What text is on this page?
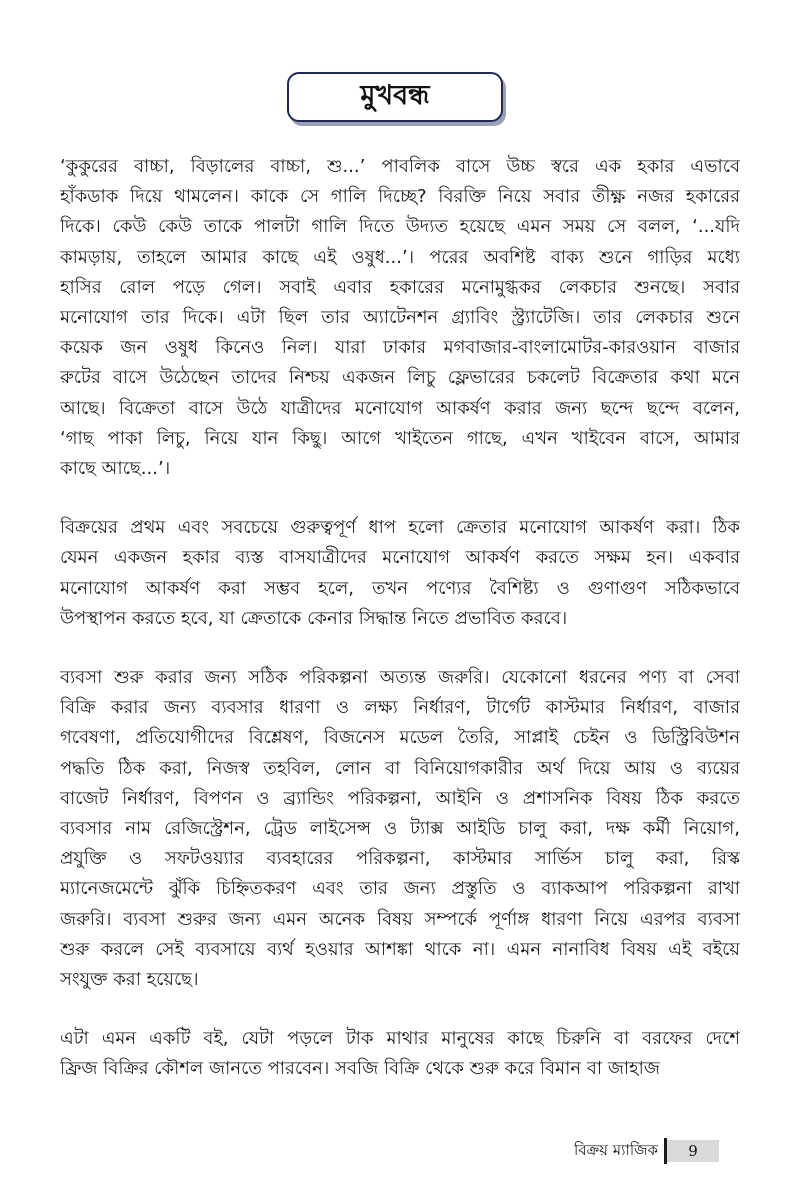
মুখবন্ধ
‘কুকুরের বাচ্চা, বিড়ালের বাচ্চা, শু...’ পাবলিক বাসে উচ্চ স্বরে এক হকার এভাবে
হাঁকডাক দিয়ে থামলেন। কাকে সে গালি দিচ্ছে? বিরক্তি নিয়ে সবার তীক্ষ্ণ নজর হকারের
দিকে। কেউ কেউ তাকে পালটা গালি দিতে উদ্যত হয়েছে এমন সময় সে বলল, ‘...যদি
কামড়ায়, তাহলে আমার কাছে এই ওষুধ...’। পরের অবশিষ্ট বাক্য শুনে গাড়ির মধ্যে
হাসির রোল পড়ে গেল। সবাই এবার হকারের মনোমুগ্ধকর লেকচার শুনছে। সবার
মনোযোগ তার দিকে। এটা ছিল তার অ্যাটেনশন গ্র্যাবিং স্ট্র্যাটেজি। তার লেকচার শুনে
কয়েক জন ওষুধ কিনেও নিল। যারা ঢাকার মগবাজার-বাংলামোটর-কারওয়ান বাজার
রুটের বাসে উঠেছেন তাদের নিশ্চয় একজন লিচু ফ্লেভারের চকলেট বিক্রেতার কথা মনে
আছে। বিক্রেতা বাসে উঠে যাত্রীদের মনোযোগ আকর্ষণ করার জন্য ছন্দে ছন্দে বলেন,
‘গাছ পাকা লিচু, নিয়ে যান কিছু। আগে খাইতেন গাছে, এখন খাইবেন বাসে, আমার
কাছে আছে...’।
বিক্রয়ের প্রথম এবং সবচেয়ে গুরুত্বপূর্ণ ধাপ হলো ক্রেতার মনোযোগ আকর্ষণ করা। ঠিক
যেমন একজন হকার ব্যস্ত বাসযাত্রীদের মনোযোগ আকর্ষণ করতে সক্ষম হন। একবার
মনোযোগ আকর্ষণ করা সম্ভব হলে, তখন পণ্যের বৈশিষ্ট্য ও গুণাগুণ সঠিকভাবে
উপস্থাপন করতে হবে, যা ক্রেতাকে কেনার সিদ্ধান্ত নিতে প্রভাবিত করবে।
ব্যবসা শুরু করার জন্য সঠিক পরিকল্পনা অত্যন্ত জরুরি। যেকোনো ধরনের পণ্য বা সেবা
বিক্রি করার জন্য ব্যবসার ধারণা ও লক্ষ্য নির্ধারণ, টার্গেট কাস্টমার নির্ধারণ, বাজার
গবেষণা, প্রতিযোগীদের বিশ্লেষণ, বিজনেস মডেল তৈরি, সাপ্লাই চেইন ও ডিস্ট্রিবিউশন
পদ্ধতি ঠিক করা, নিজস্ব তহবিল, লোন বা বিনিয়োগকারীর অর্থ দিয়ে আয় ও ব্যয়ের
বাজেট নির্ধারণ, বিপণন ও ব্র্যান্ডিং পরিকল্পনা, আইনি ও প্রশাসনিক বিষয় ঠিক করতে
ব্যবসার নাম রেজিস্ট্রেশন, ট্রেড লাইসেন্স ও ট্যাক্স আইডি চালু করা, দক্ষ কর্মী নিয়োগ,
প্রযুক্তি ও সফটওয়্যার ব্যবহারের পরিকল্পনা, কাস্টমার সার্ভিস চালু করা, রিস্ক
ম্যানেজমেন্টে ঝুঁকি চিহ্নিতকরণ এবং তার জন্য প্রস্তুতি ও ব্যাকআপ পরিকল্পনা রাখা
জরুরি। ব্যবসা শুরুর জন্য এমন অনেক বিষয় সম্পর্কে পূর্ণাঙ্গ ধারণা নিয়ে এরপর ব্যবসা
শুরু করলে সেই ব্যবসায়ে ব্যর্থ হওয়ার আশঙ্কা থাকে না। এমন নানাবিধ বিষয় এই বইয়ে
সংযুক্ত করা হয়েছে।
এটা এমন একটি বই, যেটা পড়লে টাক মাথার মানুষের কাছে চিরুনি বা বরফের দেশে
ফ্রিজ বিক্রির কৌশল জানতে পারবেন। সবজি বিক্রি থেকে শুরু করে বিমান বা জাহাজ
বিক্রয় ম্যাজিক	9
